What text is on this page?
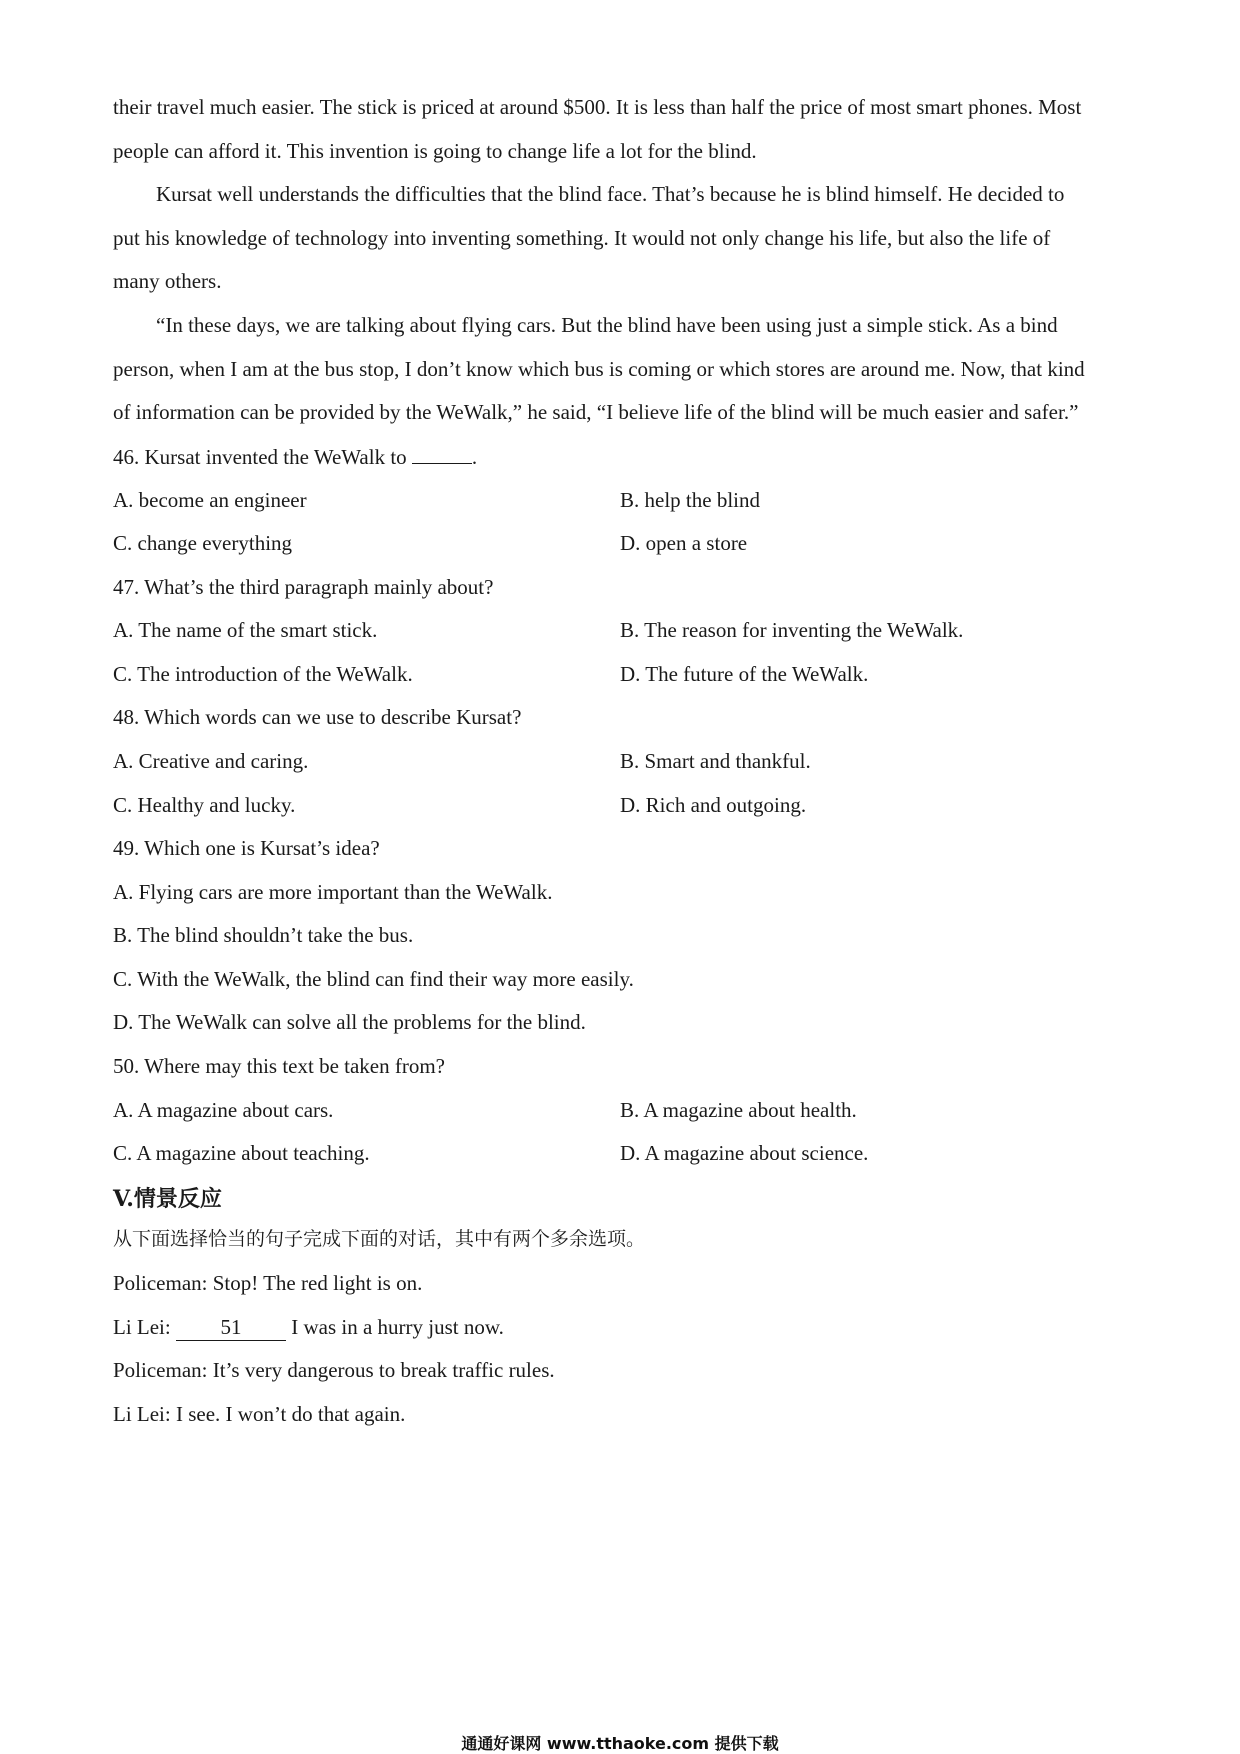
their travel much easier. The stick is priced at around $500. It is less than half the price of most smart phones. Most
people can afford it. This invention is going to change life a lot for the blind.
Kursat well understands the difficulties that the blind face. That’s because he is blind himself. He decided to
put his knowledge of technology into inventing something. It would not only change his life, but also the life of
many others.
“In these days, we are talking about flying cars. But the blind have been using just a simple stick. As a bind
person, when I am at the bus stop, I don’t know which bus is coming or which stores are around me. Now, that kind
of information can be provided by the WeWalk,” he said, “I believe life of the blind will be much easier and safer.”
46. Kursat invented the WeWalk to	.
A. become an engineer	B. help the blind
C. change everything	D. open a store
47. What’s the third paragraph mainly about?
A. The name of the smart stick.	B. The reason for inventing the WeWalk.
C. The introduction of the WeWalk.	D. The future of the WeWalk.
48. Which words can we use to describe Kursat?
A. Creative and caring.	B. Smart and thankful.
C. Healthy and lucky.	D. Rich and outgoing.
49. Which one is Kursat’s idea?
A. Flying cars are more important than the WeWalk.
B. The blind shouldn’t take the bus.
C. With the WeWalk, the blind can find their way more easily.
D. The WeWalk can solve all the problems for the blind.
50. Where may this text be taken from?
A. A magazine about cars.	B. A magazine about health.
C. A magazine about teaching.	D. A magazine about science.
V.情景反应
从下面选择恰当的句子完成下面的对话，其中有两个多余选项。
Policeman: Stop! The red light is on.
Li Lei: 51 I was in a hurry just now.
Policeman: It’s very dangerous to break traffic rules.
Li Lei: I see. I won’t do that again.
通通好课网 www.tthaoke.com 提供下载
